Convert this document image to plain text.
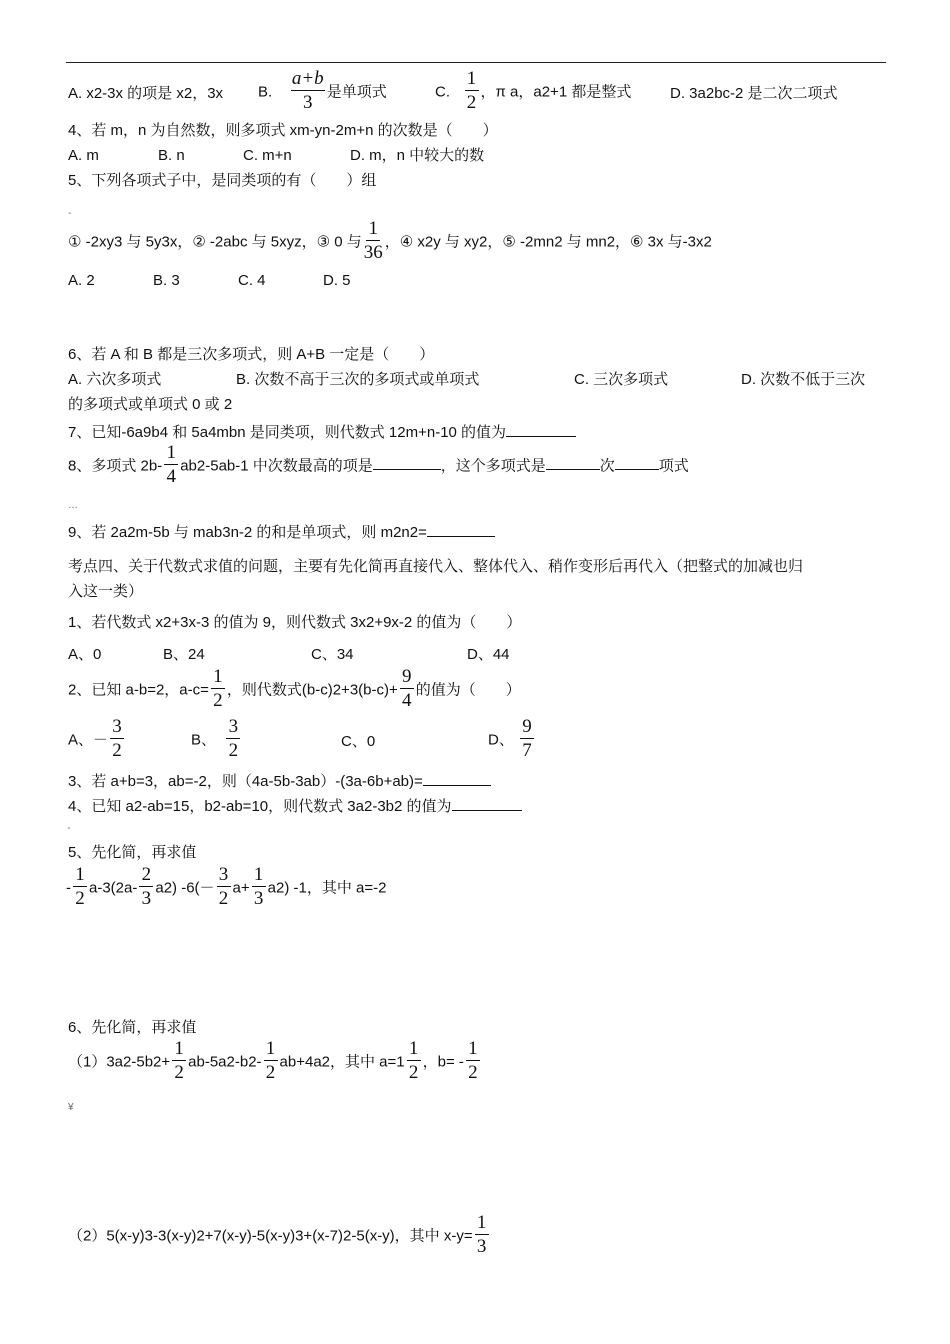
A. x2-3x 的项是 x2，3x B. $\frac{a+b}{3}$ 是单项式	C. $\frac{1}{2}$ ，π a，a2+1 都是整式	D. 3a2bc-2 是二次二项式
4、若 m，n 为自然数，则多项式 xm-yn-2m+n 的次数是（　　）
A. m	B. n	C. m+n	D. m，n 中较大的数
5、下列各项式子中，是同类项的有（　　）组
-
① -2xy3 与 5y3x，② -2abc 与 5xyz，③ 0 与 $\frac{1}{36}$ ，④ x2y 与 xy2，⑤ -2mn2 与 mn2，⑥ 3x 与-3x2
A. 2	B. 3	C. 4	D. 5
6、若 A 和 B 都是三次多项式，则 A+B 一定是（　　）
A. 六次多项式	B. 次数不高于三次的多项式或单项式	C. 三次多项式	D. 次数不低于三次
的多项式或单项式 0 或 2
7、已知-6a9b4 和 5a4mbn 是同类项，则代数式 12m+n-10 的值为
8、多项式 $2b- \frac{1}{4} ab2-5ab-1$ 中次数最高的项是	，这个多项式是	次	项式
…
9、若 2a2m-5b 与 mab3n-2 的和是单项式，则 m2n2=
考点四、关于代数式求值的问题，主要有先化简再直接代入、整体代入、稍作变形后再代入（把整式的加减也归
入这一类）
1、若代数式 x2+3x-3 的值为 9，则代数式 3x2+9x-2 的值为（　　）
A、0	B、24	C、34	D、44
2、已知 a-b=2，$a-c= \frac{1}{2}$ ，则代数式$(b-c)2+3(b-c)+ \frac{9}{4}$ 的值为（　　）
A、－ $\frac{3}{2}$	B、 $\frac{3}{2}$	C、0	D、 $\frac{9}{7}$
3、若 a+b=3，ab=-2，则（4a-5b-3ab）-(3a-6b+ab)=
4、已知 a2-ab=15，b2-ab=10，则代数式 3a2-3b2 的值为
'
5、先化简，再求值
- $\frac{1}{2} a-3(2a- \frac{2}{3} a2)$ $-6(- \frac{3}{2} a+ \frac{1}{3} a2)$ -1，其中 a=-2
6、先化简，再求值
$(1)3a2-5b2+ \frac{1}{2} ab-5a2-b2- \frac{1}{2} ab+4a2$，其中 $a=1 \frac{1}{2}$ ，$b= - \frac{1}{2}$
¥
（2）5(x-y)3-3(x-y)2+7(x-y)-5(x-y)3+(x-7)2-5(x-y)，其中 $x-y= \frac{1}{3}$
